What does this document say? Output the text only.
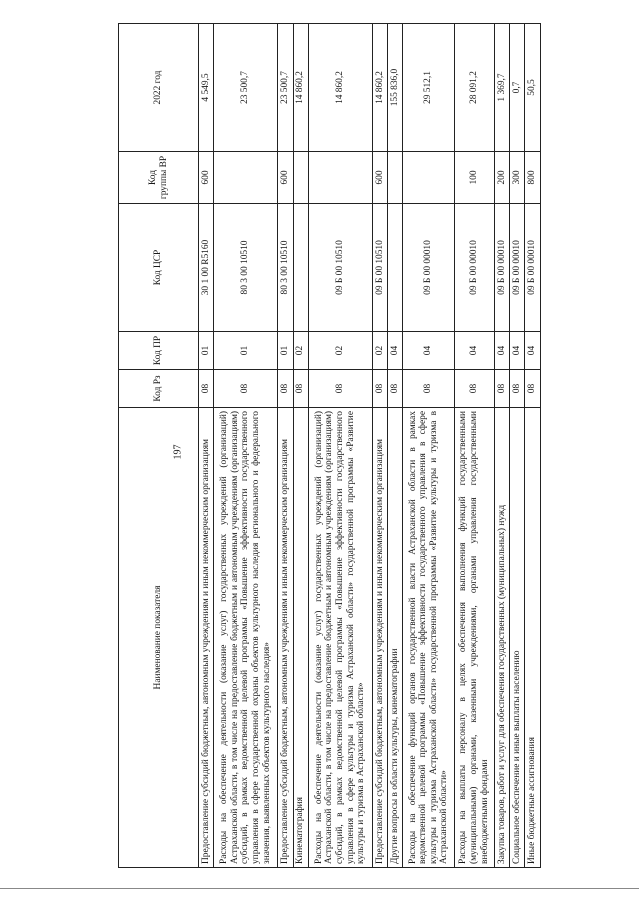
197
Наименование показателя	Код Рз	Код ПР	Код ЦСР	Код группы ВР	2022 год
Предоставление субсидий бюджетным, автономным учреждениям и иным некоммерческим организациям	08	01	30 1 00 R5160	600	4 549,5
Расходы на обеспечение деятельности (оказание услуг) государственных учреждений (организаций) Астраханской области, в том числе на предоставление бюджетным и автономным учреждениям (организациям) субсидий, в рамках ведомственной целевой программы «Повышение эффективности государственного управления в сфере государственной охраны объектов культурного наследия регионального и федерального значения, выявленных объектов культурного наследия»	08	01	80 3 00 10510		23 500,7
Предоставление субсидий бюджетным, автономным учреждениям и иным некоммерческим организациям	08	01	80 3 00 10510	600	23 500,7
Кинематография	08	02			14 860,2
Расходы на обеспечение деятельности (оказание услуг) государственных учреждений (организаций) Астраханской области, в том числе на предоставление бюджетным и автономным учреждениям (организациям) субсидий, в рамках ведомственной целевой программы «Повышение эффективности государственного управления в сфере культуры и туризма Астраханской области» государственной программы «Развитие культуры и туризма в Астраханской области»	08	02	09 Б 00 10510		14 860,2
Предоставление субсидий бюджетным, автономным учреждениям и иным некоммерческим организациям	08	02	09 Б 00 10510	600	14 860,2
Другие вопросы в области культуры, кинематографии	08	04			155 836,0
Расходы на обеспечение функций органов государственной власти Астраханской области в рамках ведомственной целевой программы «Повышение эффективности государственного управления в сфере культуры и туризма Астраханской области» государственной программы «Развитие культуры и туризма в Астраханской области»	08	04	09 Б 00 00010		29 512,1
Расходы на выплаты персоналу в целях обеспечения выполнения функций государственными (муниципальными) органами, казенными учреждениями, органами управления государственными внебюджетными фондами	08	04	09 Б 00 00010	100	28 091,2
Закупка товаров, работ и услуг для обеспечения государственных (муниципальных) нужд	08	04	09 Б 00 00010	200	1 369,7
Социальное обеспечение и иные выплаты населению	08	04	09 Б 00 00010	300	0,7
Иные бюджетные ассигнования	08	04	09 Б 00 00010	800	50,5
